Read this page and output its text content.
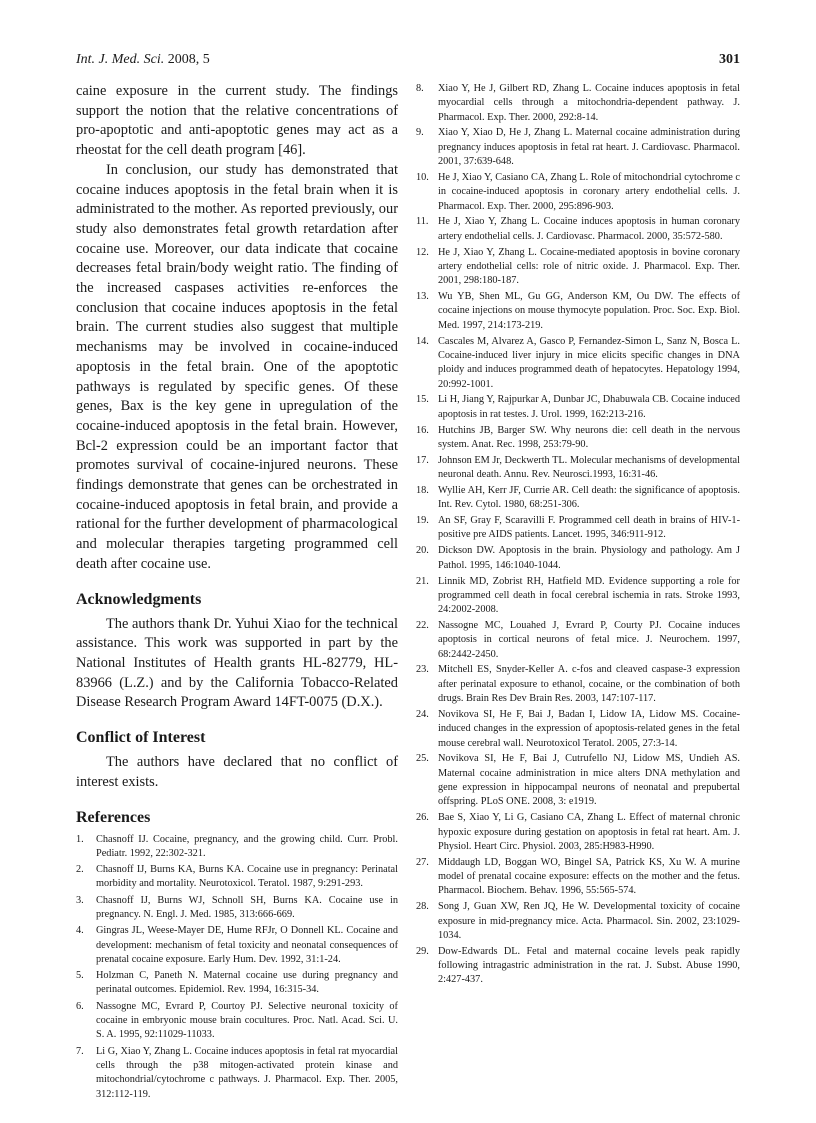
Int. J. Med. Sci. 2008, 5	301

caine exposure in the current study. The findings support the notion that the relative concentrations of pro-apoptotic and anti-apoptotic genes may act as a rheostat for the cell death program [46].

In conclusion, our study has demonstrated that cocaine induces apoptosis in the fetal brain when it is administrated to the mother. As reported previously, our study also demonstrates fetal growth retardation after cocaine use. Moreover, our data indicate that cocaine decreases fetal brain/body weight ratio. The finding of the increased caspases activities re-enforces the conclusion that cocaine induces apoptosis in the fetal brain. The current studies also suggest that multiple mechanisms may be involved in cocaine-induced apoptosis in the fetal brain. One of the apoptotic pathways is regulated by specific genes. Of these genes, Bax is the key gene in upregulation of the cocaine-induced apoptosis in the fetal brain. However, Bcl-2 expression could be an important factor that promotes survival of cocaine-injured neurons. These findings demonstrate that genes can be orchestrated in cocaine-induced apoptosis in fetal brain, and provide a rational for the further development of pharmacological and molecular therapies targeting programmed cell death after cocaine use.

Acknowledgments

The authors thank Dr. Yuhui Xiao for the technical assistance. This work was supported in part by the National Institutes of Health grants HL-82779, HL-83966 (L.Z.) and by the California Tobacco-Related Disease Research Program Award 14FT-0075 (D.X.).

Conflict of Interest

The authors have declared that no conflict of interest exists.

References
1.	Chasnoff IJ. Cocaine, pregnancy, and the growing child. Curr. Probl. Pediatr. 1992, 22:302-321.
2.	Chasnoff IJ, Burns KA, Burns KA. Cocaine use in pregnancy: Perinatal morbidity and mortality. Neurotoxicol. Teratol. 1987, 9:291-293.
3.	Chasnoff IJ, Burns WJ, Schnoll SH, Burns KA. Cocaine use in pregnancy. N. Engl. J. Med. 1985, 313:666-669.
4.	Gingras JL, Weese-Mayer DE, Hume RFJr, O Donnell KL. Cocaine and development: mechanism of fetal toxicity and neonatal consequences of prenatal cocaine exposure. Early Hum. Dev. 1992, 31:1-24.
5.	Holzman C, Paneth N. Maternal cocaine use during pregnancy and perinatal outcomes. Epidemiol. Rev. 1994, 16:315-34.
6.	Nassogne MC, Evrard P, Courtoy PJ. Selective neuronal toxicity of cocaine in embryonic mouse brain cocultures. Proc. Natl. Acad. Sci. U. S. A. 1995, 92:11029-11033.
7.	Li G, Xiao Y, Zhang L. Cocaine induces apoptosis in fetal rat myocardial cells through the p38 mitogen-activated protein kinase and mitochondrial/cytochrome c pathways. J. Pharmacol. Exp. Ther. 2005, 312:112-119.
8.	Xiao Y, He J, Gilbert RD, Zhang L. Cocaine induces apoptosis in fetal myocardial cells through a mitochondria-dependent pathway. J. Pharmacol. Exp. Ther. 2000, 292:8-14.
9.	Xiao Y, Xiao D, He J, Zhang L. Maternal cocaine administration during pregnancy induces apoptosis in fetal rat heart. J. Cardiovasc. Pharmacol. 2001, 37:639-648.
10. He J, Xiao Y, Casiano CA, Zhang L. Role of mitochondrial cytochrome c in cocaine-induced apoptosis in coronary artery endothelial cells. J. Pharmacol. Exp. Ther. 2000, 295:896-903.
11. He J, Xiao Y, Zhang L. Cocaine induces apoptosis in human coronary artery endothelial cells. J. Cardiovasc. Pharmacol. 2000, 35:572-580.
12. He J, Xiao Y, Zhang L. Cocaine-mediated apoptosis in bovine coronary artery endothelial cells: role of nitric oxide. J. Pharmacol. Exp. Ther. 2001, 298:180-187.
13. Wu YB, Shen ML, Gu GG, Anderson KM, Ou DW. The effects of cocaine injections on mouse thymocyte population. Proc. Soc. Exp. Biol. Med. 1997, 214:173-219.
14. Cascales M, Alvarez A, Gasco P, Fernandez-Simon L, Sanz N, Bosca L. Cocaine-induced liver injury in mice elicits specific changes in DNA ploidy and induces programmed death of hepatocytes. Hepatology 1994, 20:992-1001.
15. Li H, Jiang Y, Rajpurkar A, Dunbar JC, Dhabuwala CB. Cocaine induced apoptosis in rat testes. J. Urol. 1999, 162:213-216.
16. Hutchins JB, Barger SW. Why neurons die: cell death in the nervous system. Anat. Rec. 1998, 253:79-90.
17. Johnson EM Jr, Deckwerth TL. Molecular mechanisms of developmental neuronal death. Annu. Rev. Neurosci.1993, 16:31-46.
18. Wyllie AH, Kerr JF, Currie AR. Cell death: the significance of apoptosis. Int. Rev. Cytol. 1980, 68:251-306.
19. An SF, Gray F, Scaravilli F. Programmed cell death in brains of HIV-1-positive pre AIDS patients. Lancet. 1995, 346:911-912.
20. Dickson DW. Apoptosis in the brain. Physiology and pathology. Am J Pathol. 1995, 146:1040-1044.
21. Linnik MD, Zobrist RH, Hatfield MD. Evidence supporting a role for programmed cell death in focal cerebral ischemia in rats. Stroke 1993, 24:2002-2008.
22. Nassogne MC, Louahed J, Evrard P, Courty PJ. Cocaine induces apoptosis in cortical neurons of fetal mice. J. Neurochem. 1997, 68:2442-2450.
23. Mitchell ES, Snyder-Keller A. c-fos and cleaved caspase-3 expression after perinatal exposure to ethanol, cocaine, or the combination of both drugs. Brain Res Dev Brain Res. 2003, 147:107-117.
24. Novikova SI, He F, Bai J, Badan I, Lidow IA, Lidow MS. Cocaine-induced changes in the expression of apoptosis-related genes in the fetal mouse cerebral wall. Neurotoxicol Teratol. 2005, 27:3-14.
25. Novikova SI, He F, Bai J, Cutrufello NJ, Lidow MS, Undieh AS. Maternal cocaine administration in mice alters DNA methylation and gene expression in hippocampal neurons of neonatal and prepubertal offspring. PLoS ONE. 2008, 3: e1919.
26. Bae S, Xiao Y, Li G, Casiano CA, Zhang L. Effect of maternal chronic hypoxic exposure during gestation on apoptosis in fetal rat heart. Am. J. Physiol. Heart Circ. Physiol. 2003, 285:H983-H990.
27. Middaugh LD, Boggan WO, Bingel SA, Patrick KS, Xu W. A murine model of prenatal cocaine exposure: effects on the mother and the fetus. Pharmacol. Biochem. Behav. 1996, 55:565-574.
28. Song J, Guan XW, Ren JQ, He W. Developmental toxicity of cocaine exposure in mid-pregnancy mice. Acta. Pharmacol. Sin. 2002, 23:1029-1034.
29. Dow-Edwards DL. Fetal and maternal cocaine levels peak rapidly following intragastric administration in the rat. J. Subst. Abuse 1990, 2:427-437.
